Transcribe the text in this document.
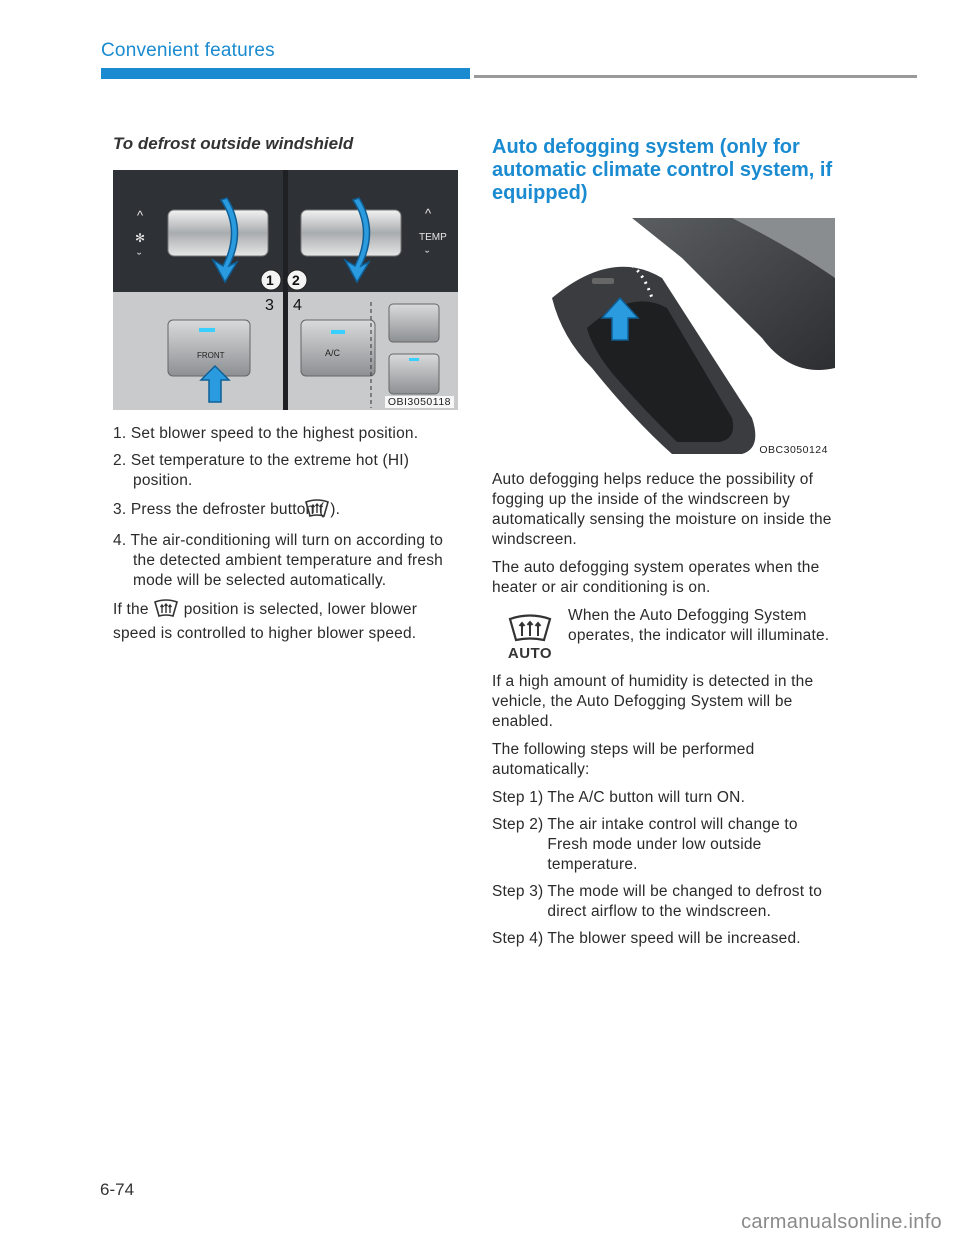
Convenient features
To defrost outside windshield
^
✻
ˇ
^
TEMP
ˇ
1 2
3 4
FRONT	A/C
OBI3050118

1. Set blower speed to the highest position.

2. Set temperature to the extreme hot (HI) position.

3. Press the defroster button ( ).

4. The air-conditioning will turn on according to the detected ambient temperature and fresh mode will be selected automatically.

If the position is selected, lower blower speed is controlled to higher blower speed.

Auto defogging system (only for automatic climate control system, if equipped)
OBC3050124

Auto defogging helps reduce the possibility of fogging up the inside of the windscreen by automatically sensing the moisture on inside the windscreen.

The auto defogging system operates when the heater or air conditioning is on.

AUTO

When the Auto Defogging System operates, the indicator will illuminate.

If a high amount of humidity is detected in the vehicle, the Auto Defogging System will be enabled.

The following steps will be performed automatically:

Step 1) The A/C button will turn ON.
Step 2) The air intake control will change to Fresh mode under low outside temperature.
Step 3) The mode will be changed to defrost to direct airflow to the windscreen.
Step 4) The blower speed will be increased.
6-74
carmanualsonline.info
